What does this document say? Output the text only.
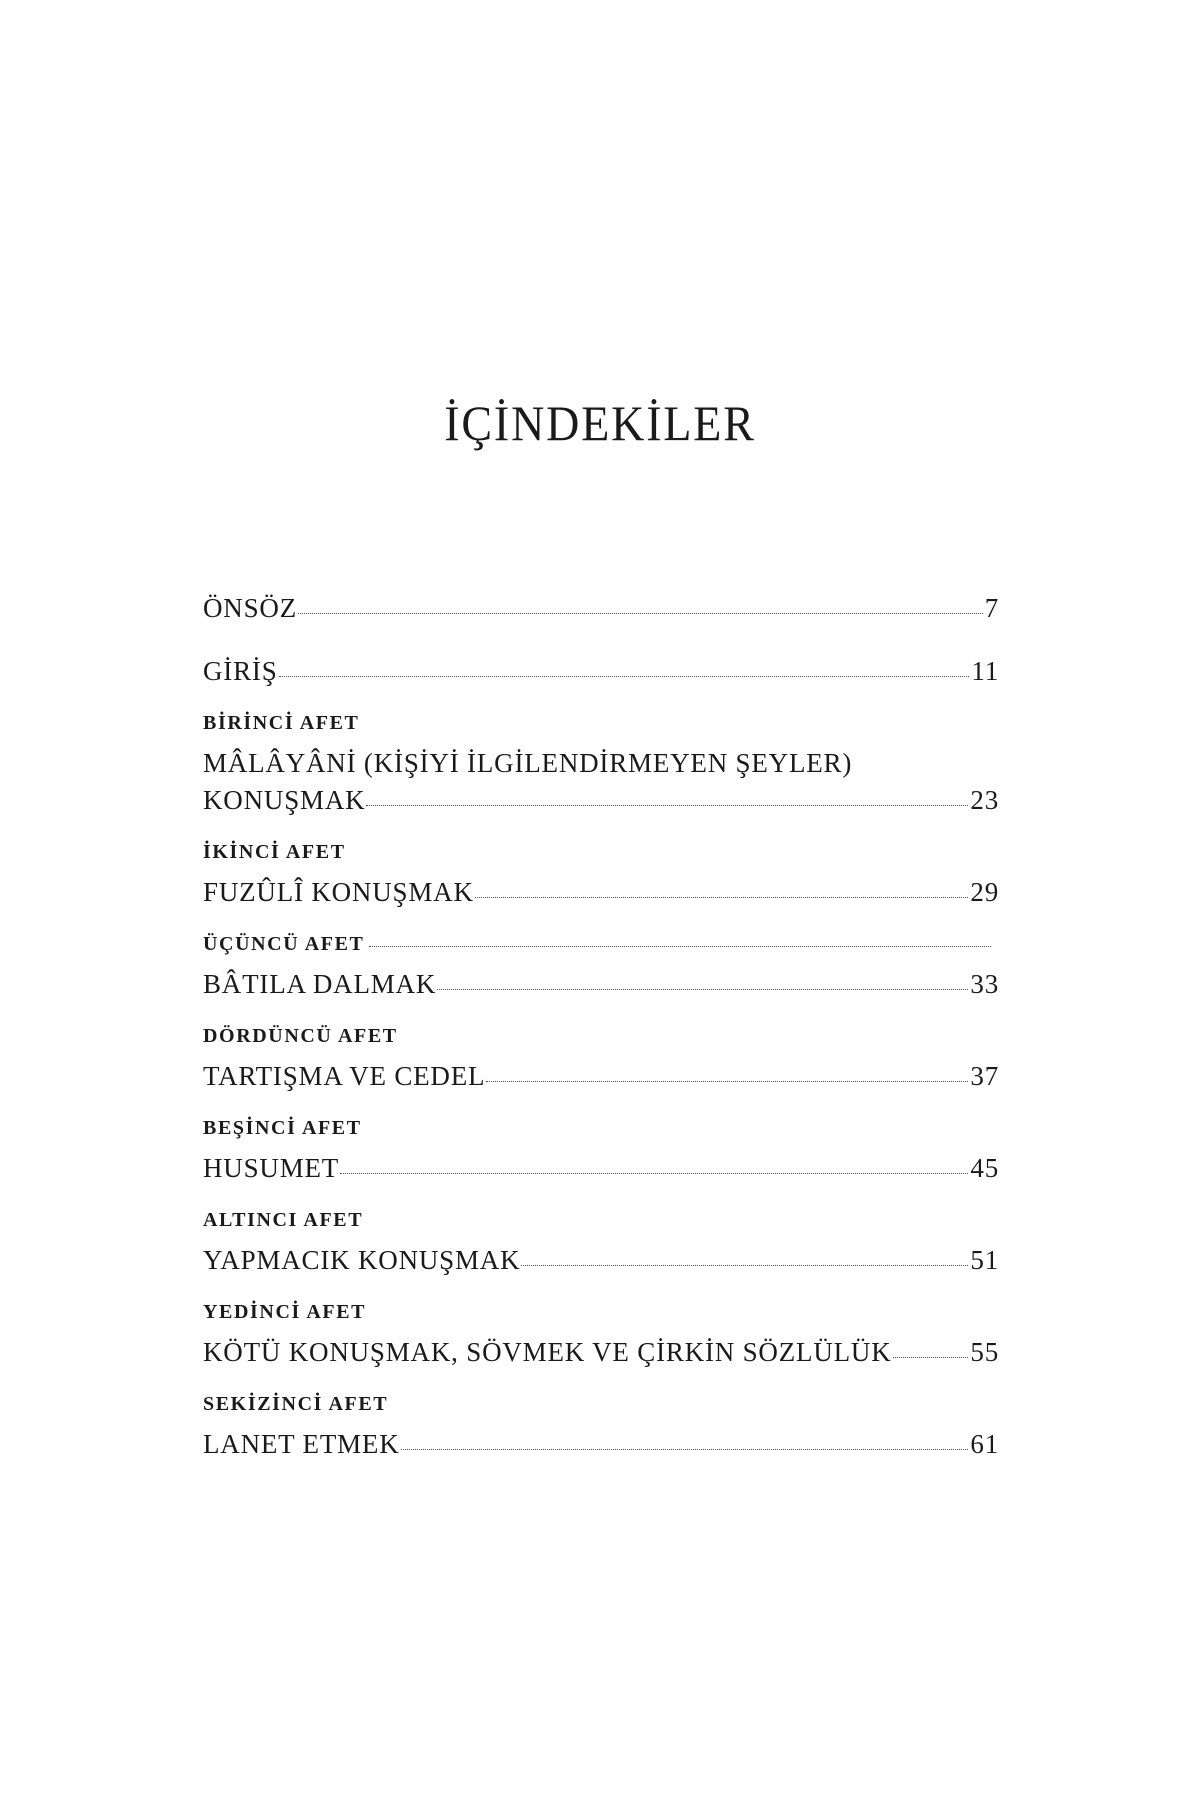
İÇİNDEKİLER
ÖNSÖZ	7
GİRİŞ	11
BİRİNCİ AFET
MÂLÂYÂNİ (KİŞİYİ İLGİLENDİRMEYEN ŞEYLER)
KONUŞMAK	23
İKİNCİ AFET
FUZÛLÎ KONUŞMAK	29
ÜÇÜNCÜ AFET
BÂTILA DALMAK	33
DÖRDÜNCÜ AFET
TARTIŞMA VE CEDEL	37
BEŞİNCİ AFET
HUSUMET	45
ALTINCI AFET
YAPMACIK KONUŞMAK	51
YEDİNCİ AFET
KÖTÜ KONUŞMAK, SÖVMEK VE ÇİRKİN SÖZLÜLÜK	55
SEKİZİNCİ AFET
LANET ETMEK	61
